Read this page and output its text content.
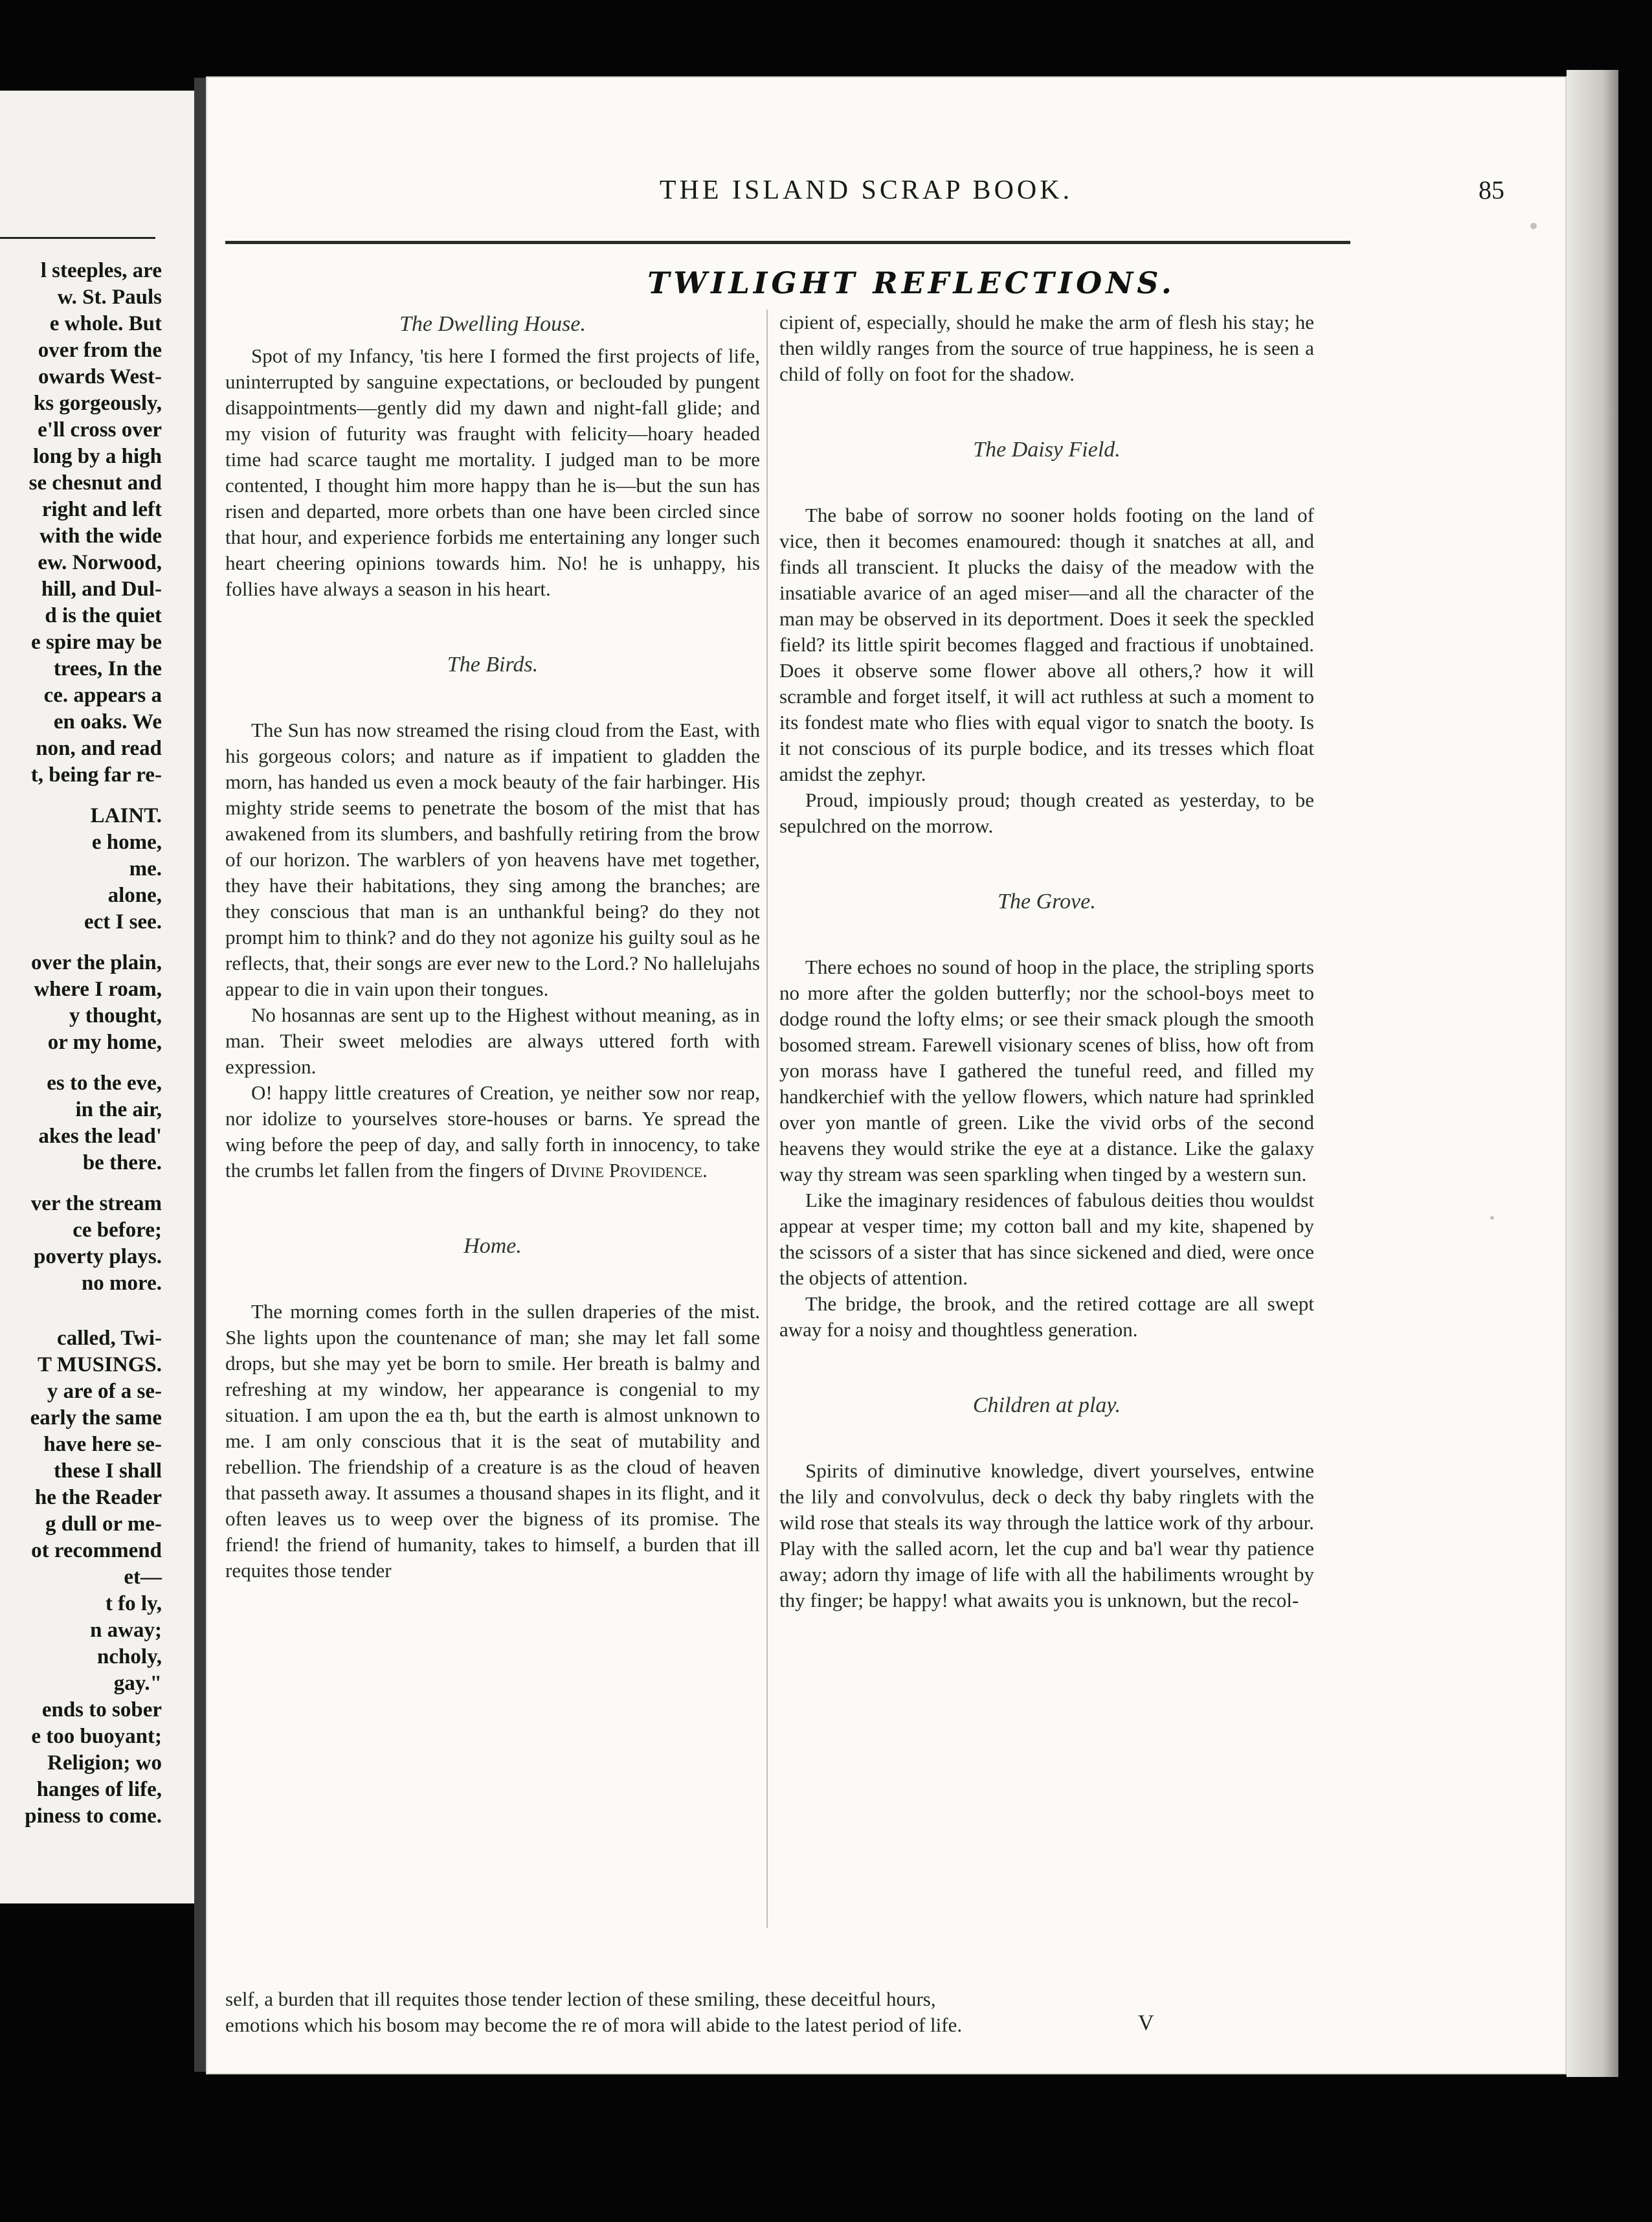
l steeples, are
w. St. Pauls
e whole. But
over from the
owards West-
ks gorgeously,
e'll cross over
long by a high
se chesnut and
right and left
with the wide
ew. Norwood,
hill, and Dul-
d is the quiet
e spire may be
trees, In the
ce. appears a
en oaks. We
non, and read
t, being far re-
LAINT.
e home,
me.
alone,
ect I see.
over the plain,
where I roam,
y thought,
or my home,
es to the eve,
in the air,
akes the lead'
be there.
ver the stream
ce before;
poverty plays.
no more.
called, Twi-
T MUSINGS.
y are of a se-
early the same
have here se-
these I shall
he the Reader
g dull or me-
ot recommend
et—
t fo ly,
n away;
ncholy,
gay."
ends to sober
e too buoyant;
Religion; wo
hanges of life,
piness to come.
THE ISLAND SCRAP BOOK.	85
TWILIGHT REFLECTIONS.

The Dwelling House.

Spot of my Infancy, 'tis here I formed the first projects of life, uninterrupted by sanguine expectations, or beclouded by pungent disappointments—gently did my dawn and night-fall glide; and my vision of futurity was fraught with felicity—hoary headed time had scarce taught me mortality. I judged man to be more contented, I thought him more happy than he is—but the sun has risen and departed, more orbets than one have been circled since that hour, and experience forbids me entertaining any longer such heart cheering opinions towards him. No! he is unhappy, his follies have always a season in his heart.

The Birds.

The Sun has now streamed the rising cloud from the East, with his gorgeous colors; and nature as if impatient to gladden the morn, has handed us even a mock beauty of the fair harbinger. His mighty stride seems to penetrate the bosom of the mist that has awakened from its slumbers, and bashfully retiring from the brow of our horizon. The warblers of yon heavens have met together, they have their habitations, they sing among the branches; are they conscious that man is an unthankful being? do they not prompt him to think? and do they not agonize his guilty soul as he reflects, that, their songs are ever new to the Lord.? No hallelujahs appear to die in vain upon their tongues.

No hosannas are sent up to the Highest without meaning, as in man. Their sweet melodies are always uttered forth with expression.

O! happy little creatures of Creation, ye neither sow nor reap, nor idolize to yourselves store-houses or barns. Ye spread the wing before the peep of day, and sally forth in innocency, to take the crumbs let fallen from the fingers of Divine Providence.

Home.

The morning comes forth in the sullen draperies of the mist. She lights upon the countenance of man; she may let fall some drops, but she may yet be born to smile. Her breath is balmy and refreshing at my window, her appearance is congenial to my situation. I am upon the ea th, but the earth is almost unknown to me. I am only conscious that it is the seat of mutability and rebellion. The friendship of a creature is as the cloud of heaven that passeth away. It assumes a thousand shapes in its flight, and it often leaves us to weep over the bigness of its promise. The friend! the friend of humanity, takes to himself, a burden that ill requites those tender

cipient of, especially, should he make the arm of flesh his stay; he then wildly ranges from the source of true happiness, he is seen a child of folly on foot for the shadow.

The Daisy Field.

The babe of sorrow no sooner holds footing on the land of vice, then it becomes enamoured: though it snatches at all, and finds all transcient. It plucks the daisy of the meadow with the insatiable avarice of an aged miser—and all the character of the man may be observed in its deportment. Does it seek the speckled field? its little spirit becomes flagged and fractious if unobtained. Does it observe some flower above all others,? how it will scramble and forget itself, it will act ruthless at such a moment to its fondest mate who flies with equal vigor to snatch the booty. Is it not conscious of its purple bodice, and its tresses which float amidst the zephyr.

Proud, impiously proud; though created as yesterday, to be sepulchred on the morrow.

The Grove.

There echoes no sound of hoop in the place, the stripling sports no more after the golden butterfly; nor the school-boys meet to dodge round the lofty elms; or see their smack plough the smooth bosomed stream. Farewell visionary scenes of bliss, how oft from yon morass have I gathered the tuneful reed, and filled my handkerchief with the yellow flowers, which nature had sprinkled over yon mantle of green. Like the vivid orbs of the second heavens they would strike the eye at a distance. Like the galaxy way thy stream was seen sparkling when tinged by a western sun.

Like the imaginary residences of fabulous deities thou wouldst appear at vesper time; my cotton ball and my kite, shapened by the scissors of a sister that has since sickened and died, were once the objects of attention.

The bridge, the brook, and the retired cottage are all swept away for a noisy and thoughtless generation.

Children at play.

Spirits of diminutive knowledge, divert yourselves, entwine the lily and convolvulus, deck o deck thy baby ringlets with the wild rose that steals its way through the lattice work of thy arbour. Play with the salled acorn, let the cup and ba'l wear thy patience away; adorn thy image of life with all the habiliments wrought by thy finger; be happy! what awaits you is unknown, but the recol-

self, a burden that ill requites those tender lection of these smiling, these deceitful hours,
emotions which his bosom may become the re of mora will abide to the latest period of life.	V
